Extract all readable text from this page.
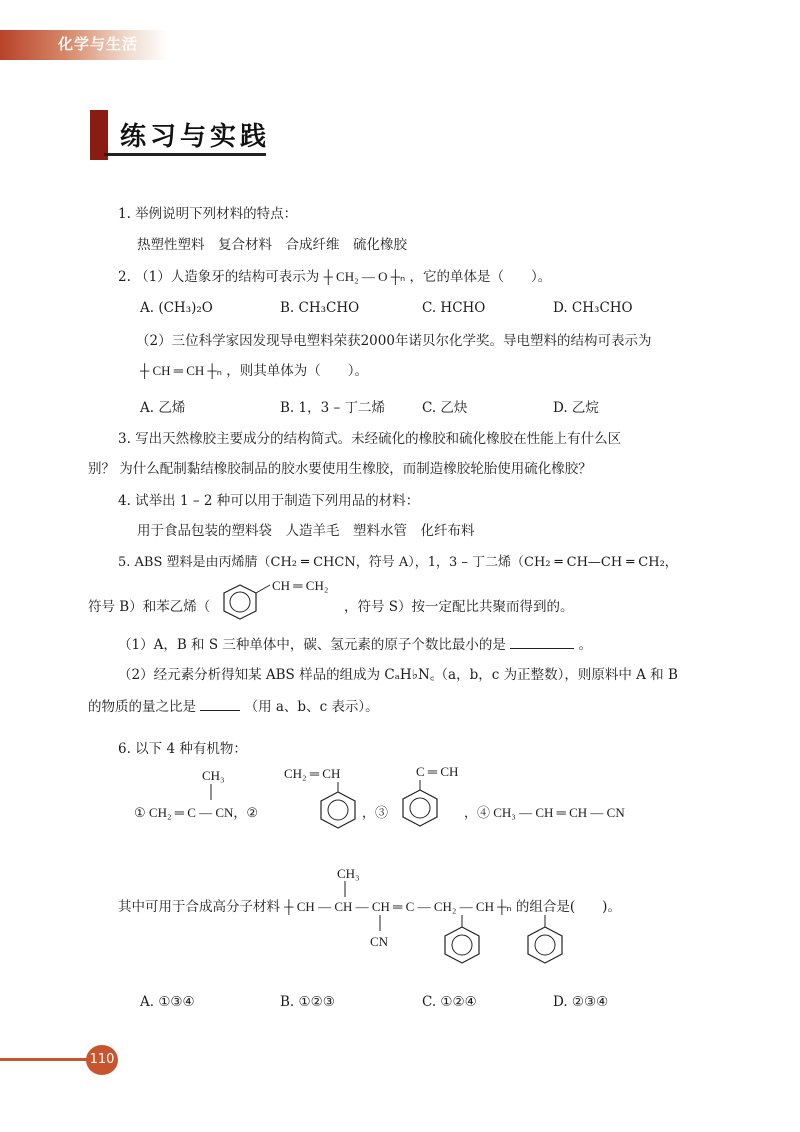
化学与生活
练习与实践
1. 举例说明下列材料的特点：
热塑性塑料　复合材料　合成纤维　硫化橡胶
2. （1）人造象牙的结构可表示为 ┼ CH₂ — O ┼ₙ ，它的单体是（　　）。
A. (CH₃)₂O	B. CH₃CHO	C. HCHO	D. CH₃CHO
（2）三位科学家因发现导电塑料荣获2000年诺贝尔化学奖。导电塑料的结构可表示为
┼ CH ═ CH ┼ₙ ，则其单体为（　　）。
A. 乙烯	B. 1，3 – 丁二烯	C. 乙炔	D. 乙烷
3. 写出天然橡胶主要成分的结构简式。未经硫化的橡胶和硫化橡胶在性能上有什么区
别？ 为什么配制黏结橡胶制品的胶水要使用生橡胶，而制造橡胶轮胎使用硫化橡胶？
4. 试举出 1 – 2 种可以用于制造下列用品的材料：
用于食品包装的塑料袋　人造羊毛　塑料水管　化纤布料
5. ABS 塑料是由丙烯腈（CH₂ ═ CHCN，符号 A），1，3 – 丁二烯（CH₂ ═ CH—CH ═ CH₂，
符号 B）和苯乙烯（
CH ═ CH₂
，符号 S）按一定配比共聚而得到的。
（1）A，B 和 S 三种单体中，碳、氢元素的原子个数比最小的是	。
（2）经元素分析得知某 ABS 样品的组成为 CₐH♭N꜀（a，b，c 为正整数），则原料中 A 和 B
的物质的量之比是	（用 a、b、c 表示）。
6. 以下 4 种有机物：
CH₃
① CH₂ ═ C — CN，②
CH₂ ═ CH
，③
C ═ CH
，④ CH₃ — CH ═ CH — CN
CH₃
其中可用于合成高分子材料 ┼ CH — CH — CH ═ C — CH₂ — CH ┼ₙ 的组合是(　　)。
CN
A. ①③④	B. ①②③	C. ①②④	D. ②③④
110
